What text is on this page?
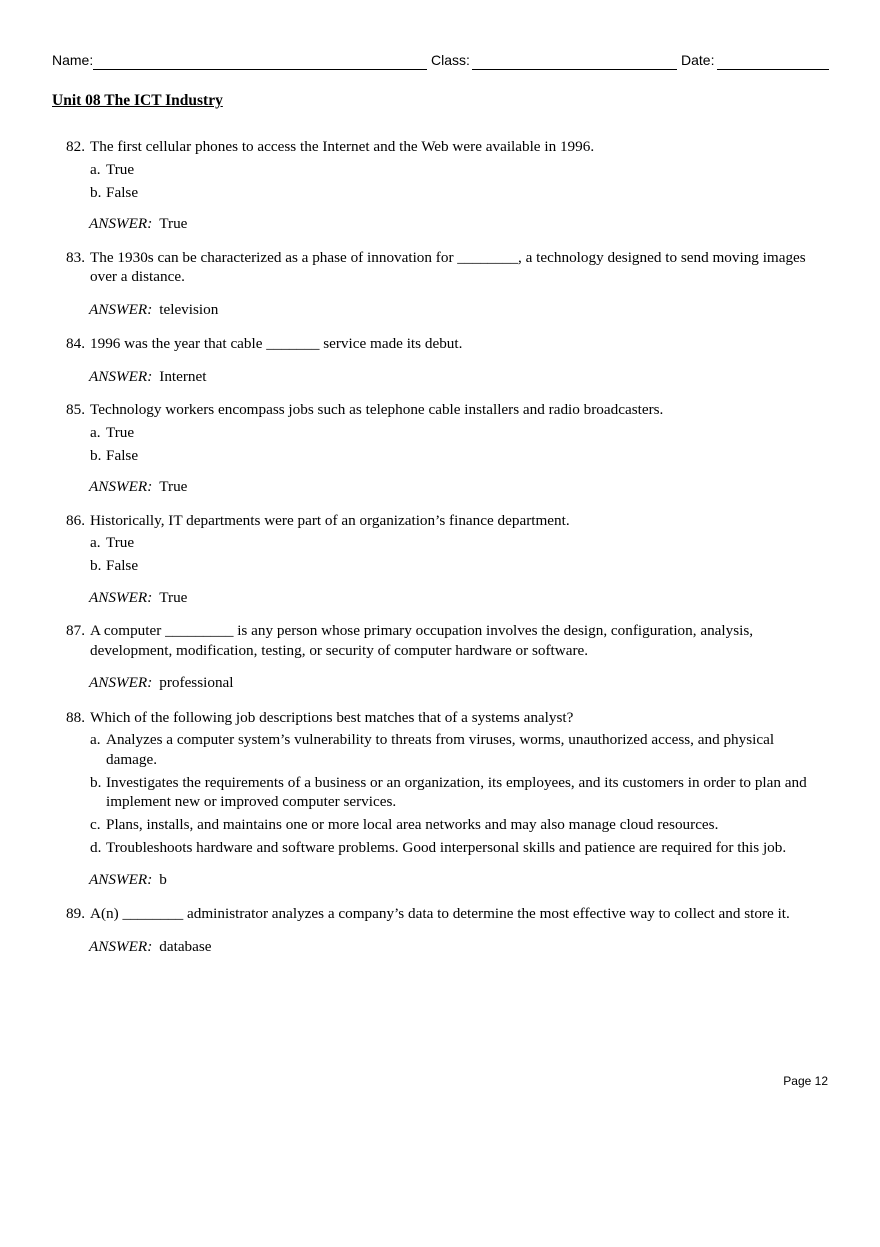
Name:	Class:	Date:
Unit 08 The ICT Industry
82. The first cellular phones to access the Internet and the Web were available in 1996.
a. True
b. False
ANSWER: True
83. The 1930s can be characterized as a phase of innovation for ________, a technology designed to send moving images over a distance.
ANSWER: television
84. 1996 was the year that cable _______ service made its debut.
ANSWER: Internet
85. Technology workers encompass jobs such as telephone cable installers and radio broadcasters.
a. True
b. False
ANSWER: True
86. Historically, IT departments were part of an organization’s finance department.
a. True
b. False
ANSWER: True
87. A computer _________ is any person whose primary occupation involves the design, configuration, analysis, development, modification, testing, or security of computer hardware or software.
ANSWER: professional
88. Which of the following job descriptions best matches that of a systems analyst?
a. Analyzes a computer system’s vulnerability to threats from viruses, worms, unauthorized access, and physical damage.
b. Investigates the requirements of a business or an organization, its employees, and its customers in order to plan and implement new or improved computer services.
c. Plans, installs, and maintains one or more local area networks and may also manage cloud resources.
d. Troubleshoots hardware and software problems. Good interpersonal skills and patience are required for this job.
ANSWER: b
89. A(n) ________ administrator analyzes a company’s data to determine the most effective way to collect and store it.
ANSWER: database
Page 12
